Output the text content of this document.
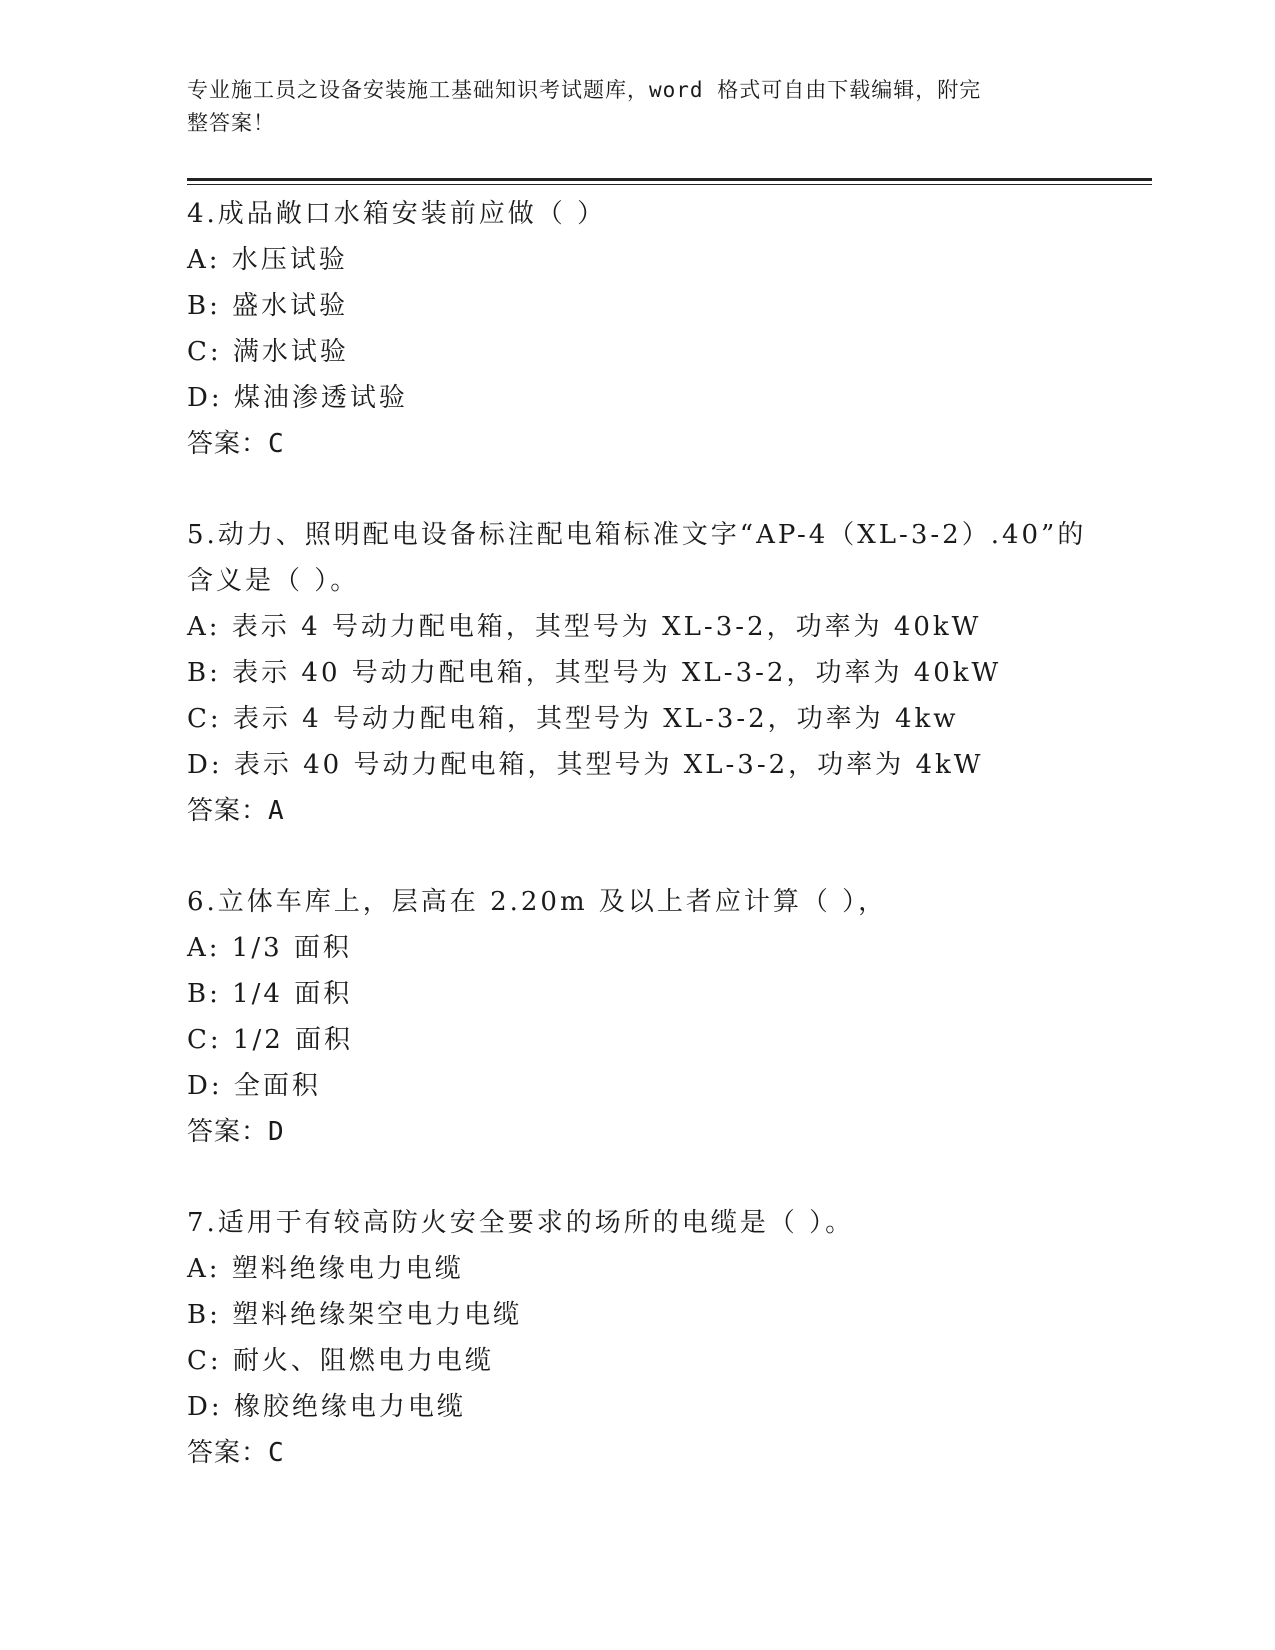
专业施工员之设备安装施工基础知识考试题库，word 格式可自由下载编辑，附完
整答案！
4.成品敞口水箱安装前应做（ ）
A: 水压试验
B: 盛水试验
C: 满水试验
D: 煤油渗透试验
答案：C
5.动力、照明配电设备标注配电箱标准文字“AP-4（XL-3-2）.40”的含义是（ ）。
A: 表示 4 号动力配电箱，其型号为 XL-3-2，功率为 40kW
B: 表示 40 号动力配电箱，其型号为 XL-3-2，功率为 40kW
C: 表示 4 号动力配电箱，其型号为 XL-3-2，功率为 4kw
D: 表示 40 号动力配电箱，其型号为 XL-3-2，功率为 4kW
答案：A
6.立体车库上，层高在 2.20m 及以上者应计算（ ），
A: 1/3 面积
B: 1/4 面积
C: 1/2 面积
D: 全面积
答案：D
7.适用于有较高防火安全要求的场所的电缆是（ ）。
A: 塑料绝缘电力电缆
B: 塑料绝缘架空电力电缆
C: 耐火、阻燃电力电缆
D: 橡胶绝缘电力电缆
答案：C
